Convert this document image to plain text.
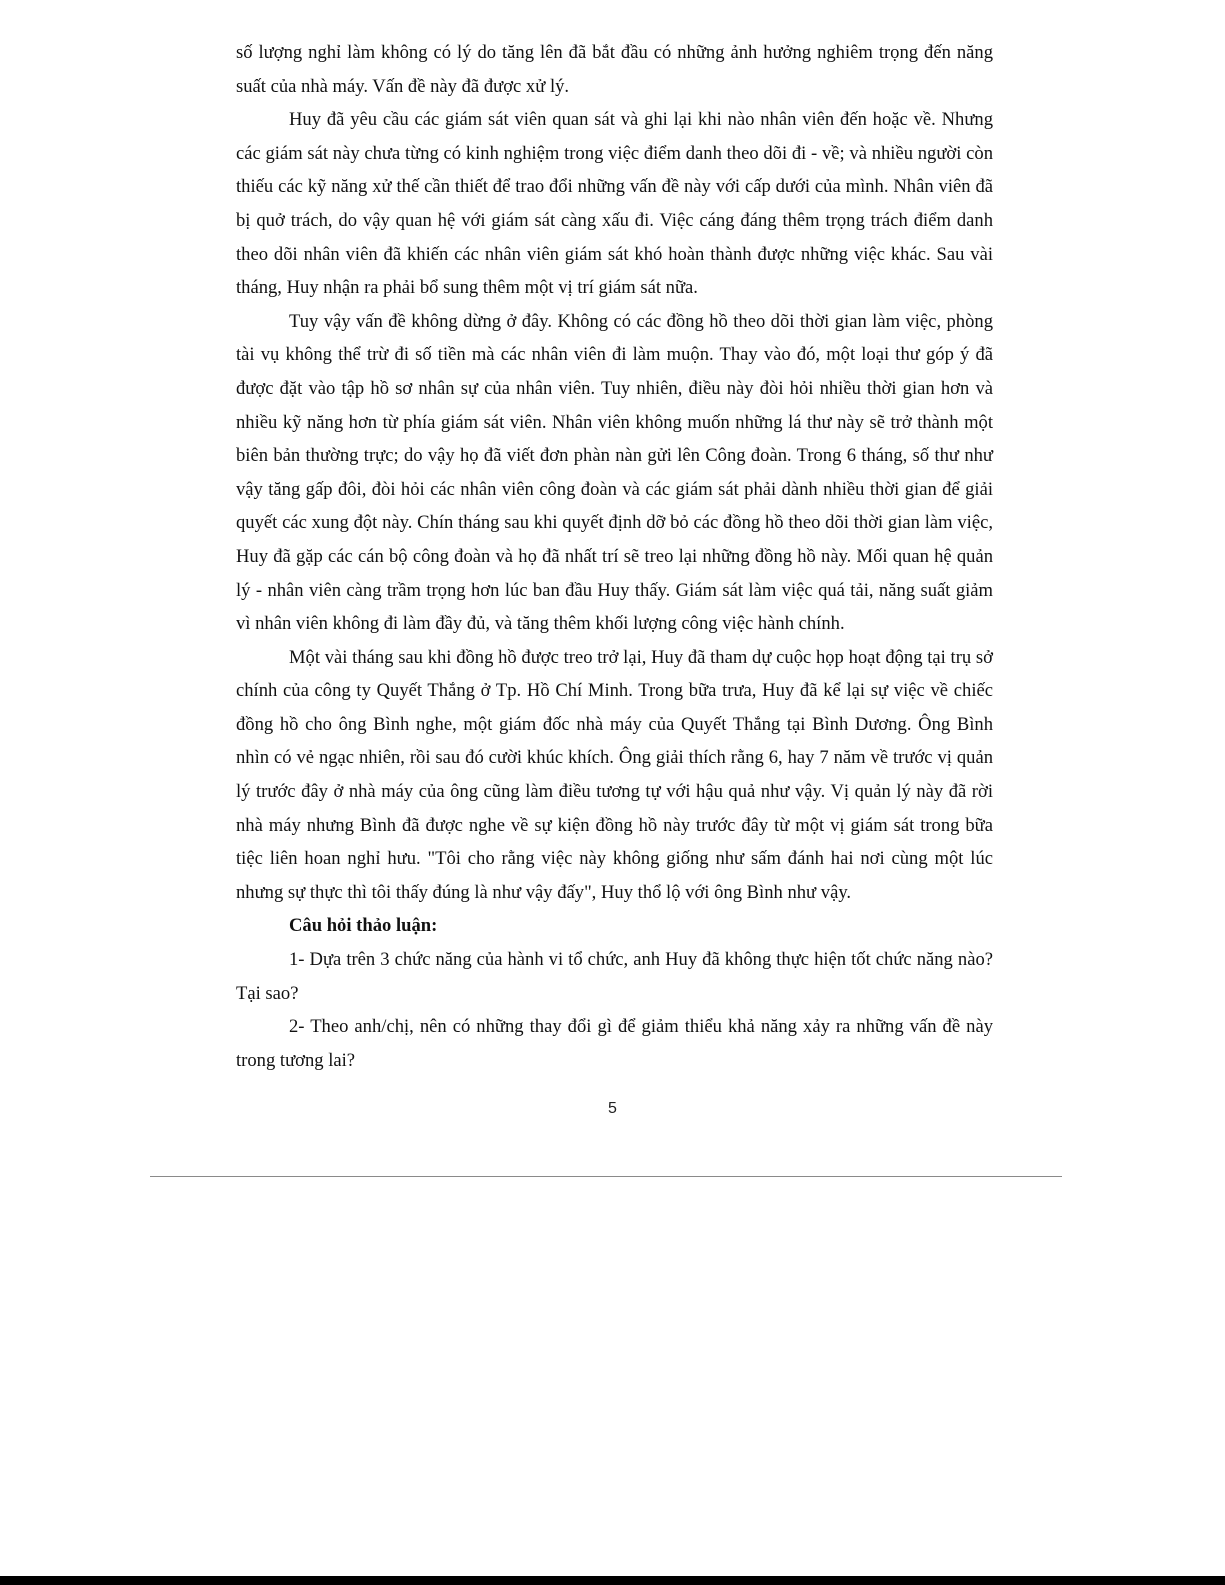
số lượng nghỉ làm không có lý do tăng lên đã bắt đầu có những ảnh hưởng nghiêm trọng đến năng suất của nhà máy. Vấn đề này đã được xử lý.

Huy đã yêu cầu các giám sát viên quan sát và ghi lại khi nào nhân viên đến hoặc về. Nhưng các giám sát này chưa từng có kinh nghiệm trong việc điểm danh theo dõi đi - về; và nhiều người còn thiếu các kỹ năng xử thế cần thiết để trao đổi những vấn đề này với cấp dưới của mình. Nhân viên đã bị quở trách, do vậy quan hệ với giám sát càng xấu đi. Việc cáng đáng thêm trọng trách điểm danh theo dõi nhân viên đã khiến các nhân viên giám sát khó hoàn thành được những việc khác. Sau vài tháng, Huy nhận ra phải bổ sung thêm một vị trí giám sát nữa.

Tuy vậy vấn đề không dừng ở đây. Không có các đồng hồ theo dõi thời gian làm việc, phòng tài vụ không thể trừ đi số tiền mà các nhân viên đi làm muộn. Thay vào đó, một loại thư góp ý đã được đặt vào tập hồ sơ nhân sự của nhân viên. Tuy nhiên, điều này đòi hỏi nhiều thời gian hơn và nhiều kỹ năng hơn từ phía giám sát viên. Nhân viên không muốn những lá thư này sẽ trở thành một biên bản thường trực; do vậy họ đã viết đơn phàn nàn gửi lên Công đoàn. Trong 6 tháng, số thư như vậy tăng gấp đôi, đòi hỏi các nhân viên công đoàn và các giám sát phải dành nhiều thời gian để giải quyết các xung đột này. Chín tháng sau khi quyết định dỡ bỏ các đồng hồ theo dõi thời gian làm việc, Huy đã gặp các cán bộ công đoàn và họ đã nhất trí sẽ treo lại những đồng hồ này. Mối quan hệ quản lý - nhân viên càng trầm trọng hơn lúc ban đầu Huy thấy. Giám sát làm việc quá tải, năng suất giảm vì nhân viên không đi làm đầy đủ, và tăng thêm khối lượng công việc hành chính.

Một vài tháng sau khi đồng hồ được treo trở lại, Huy đã tham dự cuộc họp hoạt động tại trụ sở chính của công ty Quyết Thắng ở Tp. Hồ Chí Minh. Trong bữa trưa, Huy đã kể lại sự việc về chiếc đồng hồ cho ông Bình nghe, một giám đốc nhà máy của Quyết Thắng tại Bình Dương. Ông Bình nhìn có vẻ ngạc nhiên, rồi sau đó cười khúc khích. Ông giải thích rằng 6, hay 7 năm về trước vị quản lý trước đây ở nhà máy của ông cũng làm điều tương tự với hậu quả như vậy. Vị quản lý này đã rời nhà máy nhưng Bình đã được nghe về sự kiện đồng hồ này trước đây từ một vị giám sát trong bữa tiệc liên hoan nghỉ hưu. "Tôi cho rằng việc này không giống như sấm đánh hai nơi cùng một lúc nhưng sự thực thì tôi thấy đúng là như vậy đấy", Huy thổ lộ với ông Bình như vậy.

Câu hỏi thảo luận:

1- Dựa trên 3 chức năng của hành vi tổ chức, anh Huy đã không thực hiện tốt chức năng nào? Tại sao?

2- Theo anh/chị, nên có những thay đổi gì để giảm thiểu khả năng xảy ra những vấn đề này trong tương lai?

5
